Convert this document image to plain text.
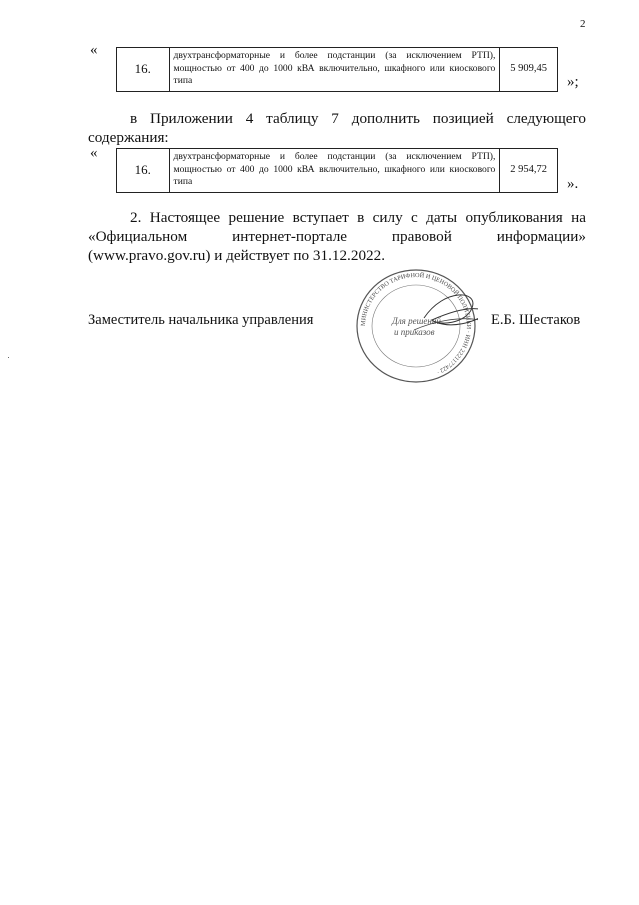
2
«
16.	двухтрансформаторные и более подстанции (за исключением РТП), мощностью от 400 до 1000 кВА включительно, шкафного или киоскового типа	5 909,45
»;
в Приложении 4 таблицу 7 дополнить позицией следующего содержания:
«
16.	двухтрансформаторные и более подстанции (за исключением РТП), мощностью от 400 до 1000 кВА включительно, шкафного или киоскового типа	2 954,72
».
2. Настоящее решение вступает в силу с даты опубликования на «Официальном интернет-портале правовой информации» (www.pravo.gov.ru) и действует по 31.12.2022.
Заместитель начальника управления	МИНИСТЕРСТВО ТАРИФНОЙ И ЦЕНОВОЙ ПОЛИТИКИ · ИНН 2221177422 ·
Для решений
и приказов
Е.Б. Шестаков
